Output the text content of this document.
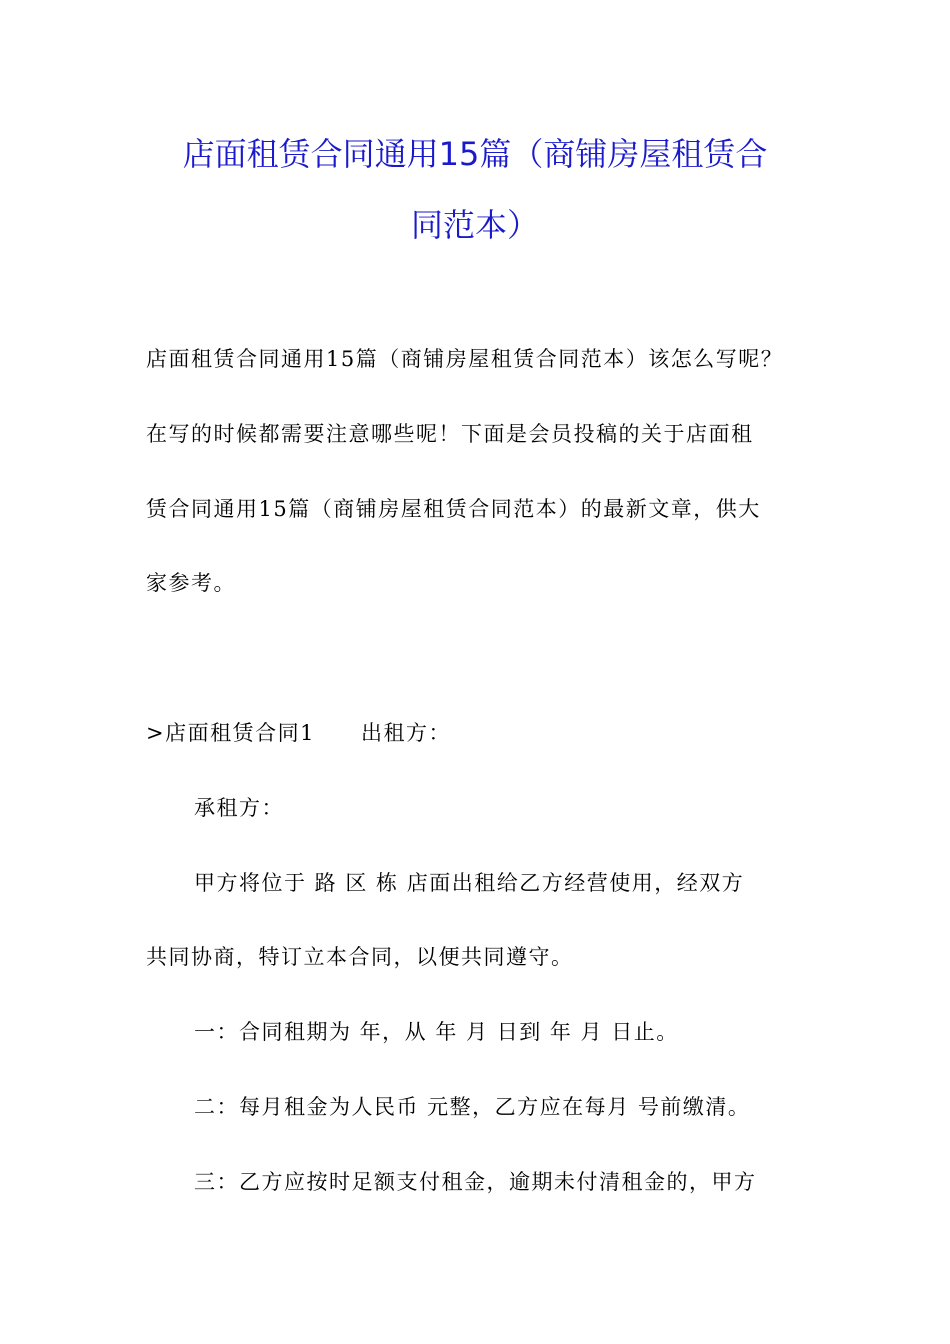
店面租赁合同通用15篇（商铺房屋租赁合
同范本）
店面租赁合同通用15篇（商铺房屋租赁合同范本）该怎么写呢？
在写的时候都需要注意哪些呢！下面是会员投稿的关于店面租
赁合同通用15篇（商铺房屋租赁合同范本）的最新文章，供大
家参考。
>店面租赁合同1 出租方：
承租方：
甲方将位于 路 区 栋 店面出租给乙方经营使用，经双方
共同协商，特订立本合同，以便共同遵守。
一：合同租期为 年，从 年 月 日到 年 月 日止。
二：每月租金为人民币 元整，乙方应在每月 号前缴清。
三：乙方应按时足额支付租金，逾期未付清租金的，甲方
